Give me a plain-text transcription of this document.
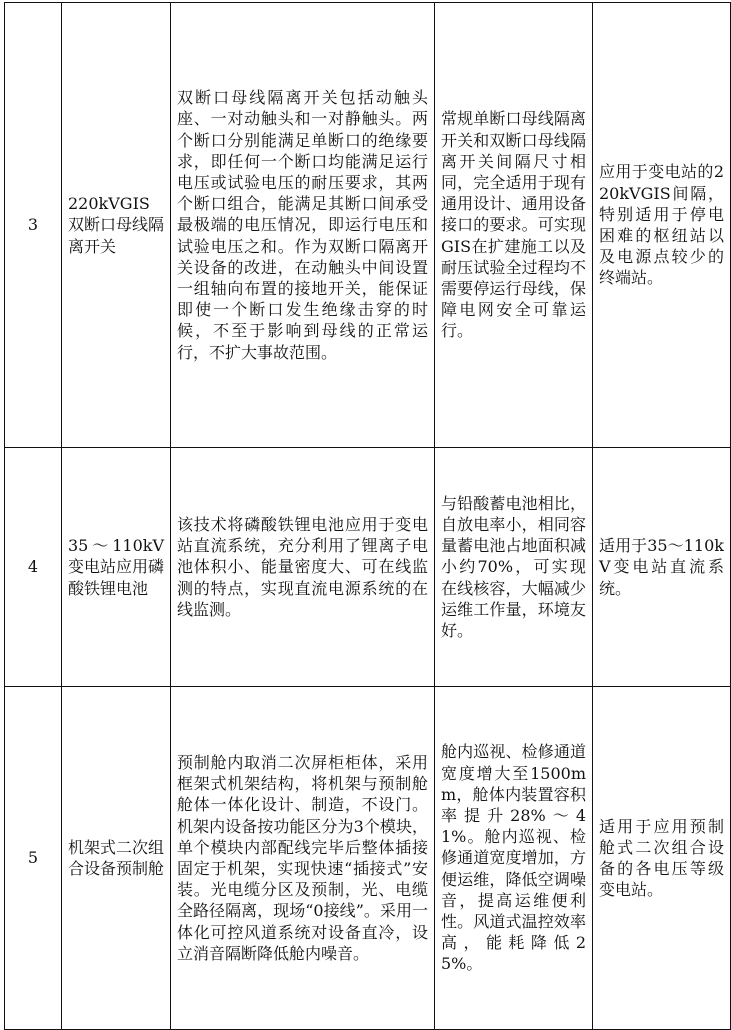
3	220kVGIS双断口母线隔离开关	双断口母线隔离开关包括动触头座、一对动触头和一对静触头。两个断口分别能满足单断口的绝缘要求，即任何一个断口均能满足运行电压或试验电压的耐压要求，其两个断口组合，能满足其断口间承受最极端的电压情况，即运行电压和试验电压之和。作为双断口隔离开关设备的改进，在动触头中间设置一组轴向布置的接地开关，能保证即使一个断口发生绝缘击穿的时候，不至于影响到母线的正常运行，不扩大事故范围。	常规单断口母线隔离开关和双断口母线隔离开关间隔尺寸相同，完全适用于现有通用设计、通用设备接口的要求。可实现GIS在扩建施工以及耐压试验全过程均不需要停运行母线，保障电网安全可靠运行。	应用于变电站的220kVGIS间隔，特别适用于停电困难的枢纽站以及电源点较少的终端站。

4	35～110kV变电站应用磷酸铁锂电池	该技术将磷酸铁锂电池应用于变电站直流系统，充分利用了锂离子电池体积小、能量密度大、可在线监测的特点，实现直流电源系统的在线监测。	与铅酸蓄电池相比，自放电率小，相同容量蓄电池占地面积减小约70%，可实现在线核容，大幅减少运维工作量，环境友好。	适用于35～110kV变电站直流系统。

5	机架式二次组合设备预制舱	预制舱内取消二次屏柜柜体，采用框架式机架结构，将机架与预制舱舱体一体化设计、制造，不设门。机架内设备按功能区分为3个模块，单个模块内部配线完毕后整体插接固定于机架，实现快速“插接式”安装。光电缆分区及预制，光、电缆全路径隔离，现场“0接线”。采用一体化可控风道系统对设备直冷，设立消音隔断降低舱内噪音。	舱内巡视、检修通道宽度增大至1500mm，舱体内装置容积率提升28%～41%。舱内巡视、检修通道宽度增加，方便运维，降低空调噪音，提高运维便利性。风道式温控效率高，能耗降低25%。	适用于应用预制舱式二次组合设备的各电压等级变电站。
